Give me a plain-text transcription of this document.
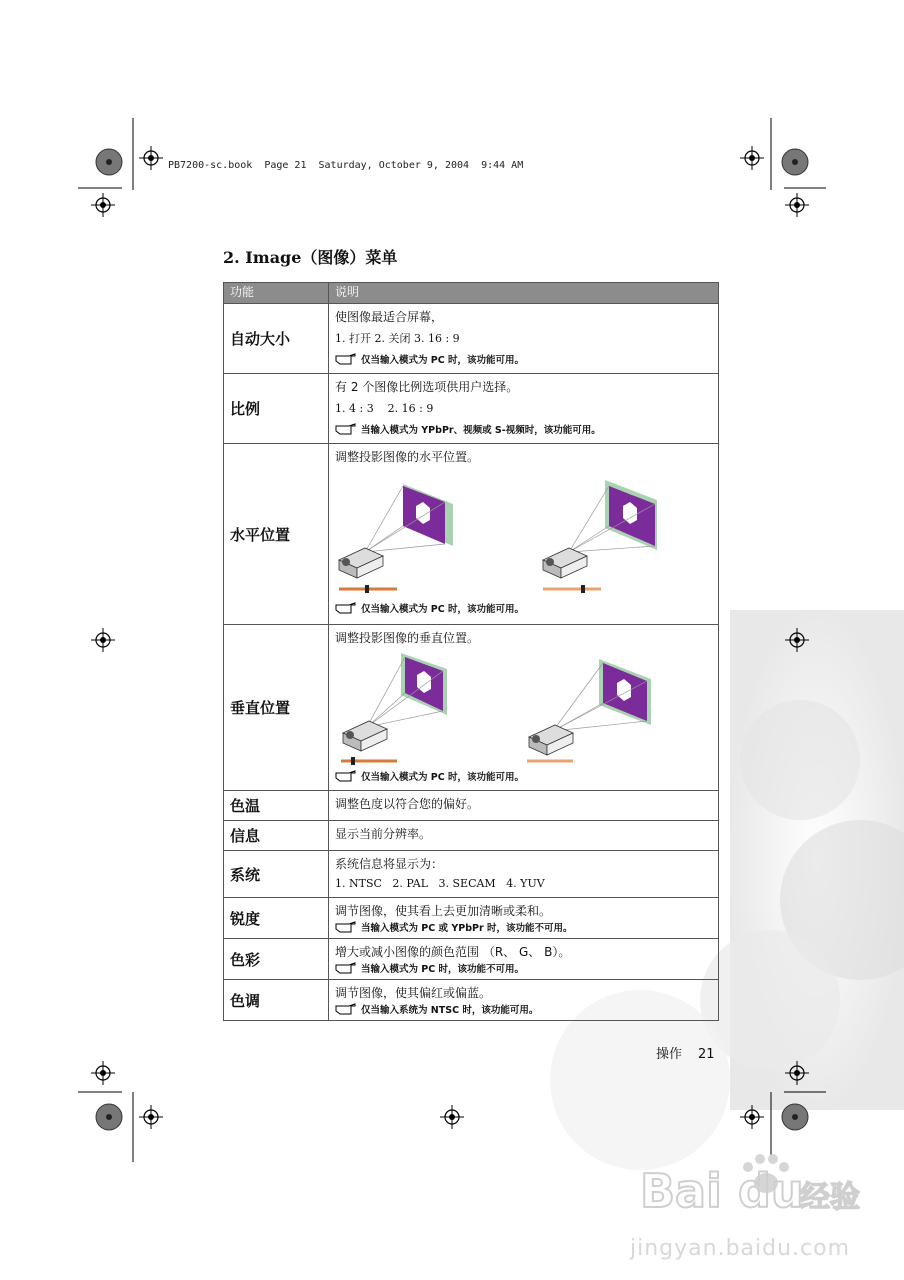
PB7200-sc.book  Page 21  Saturday, October 9, 2004  9:44 AM
2. Image（图像）菜单
功能	说明
自动大小	使图像最适合屏幕，
1. 打开 2. 关闭 3. 16 : 9
仅当输入模式为 PC 时，该功能可用。

比例	有 2 个图像比例选项供用户选择。
1. 4 : 3    2. 16 : 9
当输入模式为 YPbPr、视频或 S-视频时，该功能可用。

水平位置	调整投影图像的水平位置。
仅当输入模式为 PC 时，该功能可用。

垂直位置	调整投影图像的垂直位置。
仅当输入模式为 PC 时，该功能可用。

色温	调整色度以符合您的偏好。

信息	显示当前分辨率。

系统	系统信息将显示为：
1. NTSC   2. PAL   3. SECAM   4. YUV

锐度	调节图像，使其看上去更加清晰或柔和。
当输入模式为 PC 或 YPbPr 时，该功能不可用。

色彩	增大或减小图像的颜色范围 （R、 G、 B）。
当输入模式为 PC 时，该功能不可用。

色调	调节图像，使其偏红或偏蓝。
仅当输入系统为 NTSC 时，该功能可用。
操作 21
Bai du
经验
jingyan.baidu.com
